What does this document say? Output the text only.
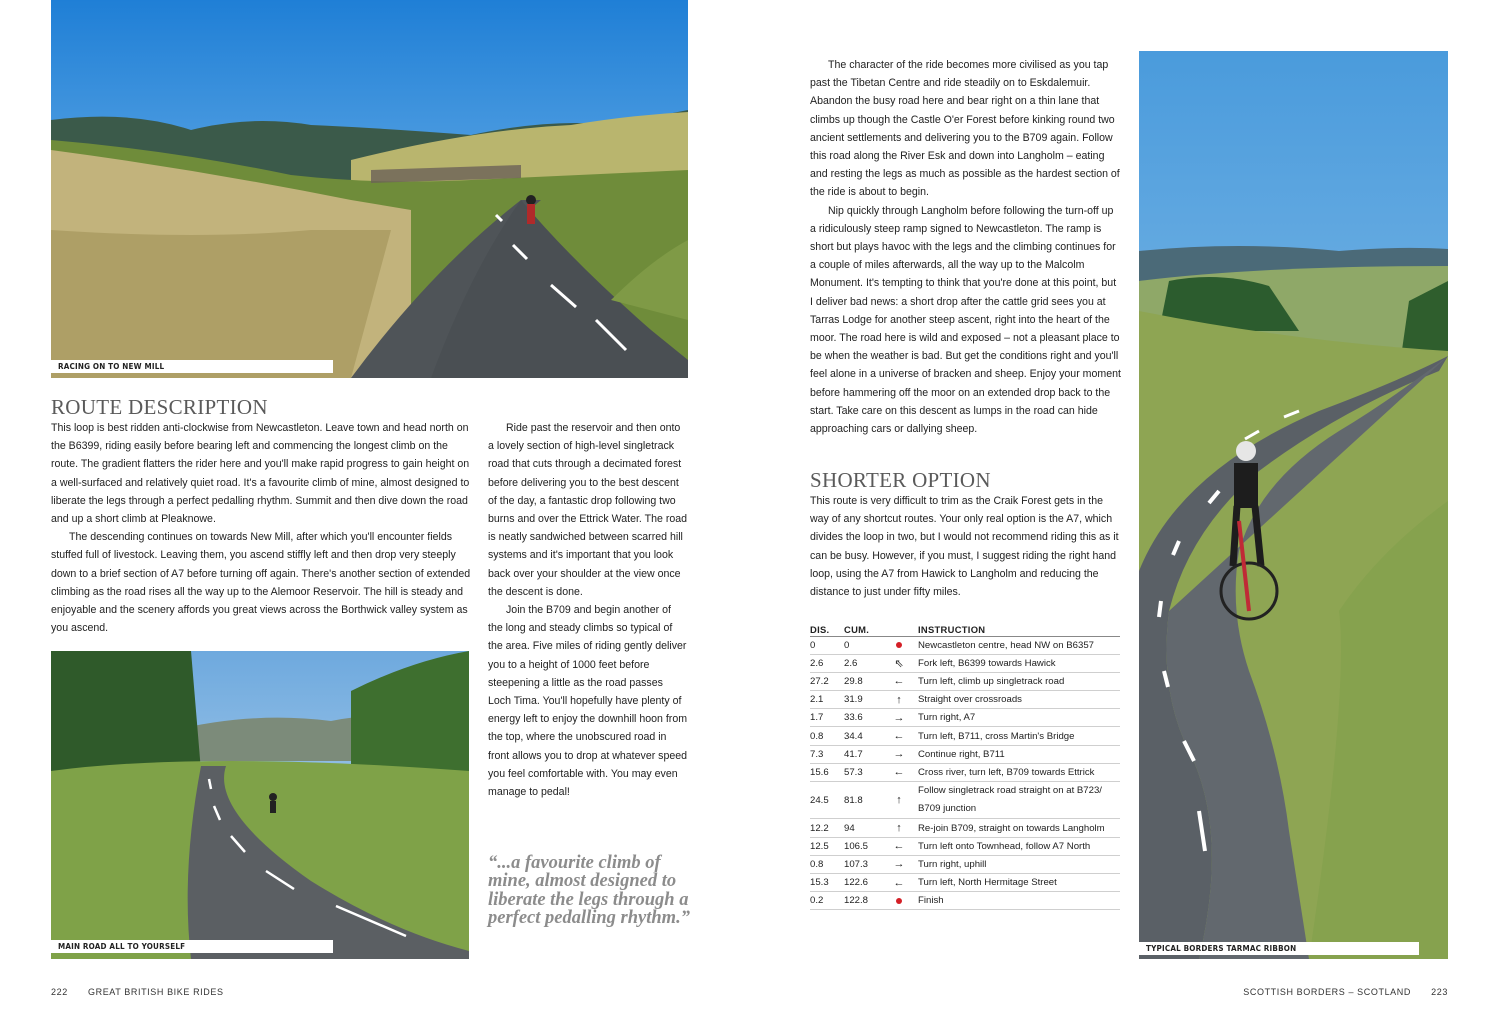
RACING ON TO NEW MILL
ROUTE DESCRIPTION

This loop is best ridden anti-clockwise from Newcastleton. Leave town and head north on the B6399, riding easily before bearing left and commencing the longest climb on the route. The gradient flatters the rider here and you'll make rapid progress to gain height on a well-surfaced and relatively quiet road. It's a favourite climb of mine, almost designed to liberate the legs through a perfect pedalling rhythm. Summit and then dive down the road and up a short climb at Pleaknowe.

The descending continues on towards New Mill, after which you'll encounter fields stuffed full of livestock. Leaving them, you ascend stiffly left and then drop very steeply down to a brief section of A7 before turning off again. There's another section of extended climbing as the road rises all the way up to the Alemoor Reservoir. The hill is steady and enjoyable and the scenery affords you great views across the Borthwick valley system as you ascend.

Ride past the reservoir and then onto a lovely section of high-level singletrack road that cuts through a decimated forest before delivering you to the best descent of the day, a fantastic drop following two burns and over the Ettrick Water. The road is neatly sandwiched between scarred hill systems and it's important that you look back over your shoulder at the view once the descent is done.

Join the B709 and begin another of the long and steady climbs so typical of the area. Five miles of riding gently deliver you to a height of 1000 feet before steepening a little as the road passes Loch Tima. You'll hopefully have plenty of energy left to enjoy the downhill hoon from the top, where the unobscured road in front allows you to drop at whatever speed you feel comfortable with. You may even manage to pedal!

MAIN ROAD ALL TO YOURSELF
“...a favourite climb of mine, almost designed to liberate the legs through a perfect pedalling rhythm.”

The character of the ride becomes more civilised as you tap past the Tibetan Centre and ride steadily on to Eskdalemuir. Abandon the busy road here and bear right on a thin lane that climbs up though the Castle O'er Forest before kinking round two ancient settlements and delivering you to the B709 again. Follow this road along the River Esk and down into Langholm – eating and resting the legs as much as possible as the hardest section of the ride is about to begin.

Nip quickly through Langholm before following the turn-off up a ridiculously steep ramp signed to Newcastleton. The ramp is short but plays havoc with the legs and the climbing continues for a couple of miles afterwards, all the way up to the Malcolm Monument. It's tempting to think that you're done at this point, but I deliver bad news: a short drop after the cattle grid sees you at Tarras Lodge for another steep ascent, right into the heart of the moor. The road here is wild and exposed – not a pleasant place to be when the weather is bad. But get the conditions right and you'll feel alone in a universe of bracken and sheep. Enjoy your moment before hammering off the moor on an extended drop back to the start. Take care on this descent as lumps in the road can hide approaching cars or dallying sheep.

SHORTER OPTION

This route is very difficult to trim as the Craik Forest gets in the way of any shortcut routes. Your only real option is the A7, which divides the loop in two, but I would not recommend riding this as it can be busy. However, if you must, I suggest riding the right hand loop, using the A7 from Hawick to Langholm and reducing the distance to just under fifty miles.

DIS.	CUM.		INSTRUCTION
0	0		Newcastleton centre, head NW on B6357
2.6	2.6	⇖	Fork left, B6399 towards Hawick
27.2	29.8	←	Turn left, climb up singletrack road
2.1	31.9	↑	Straight over crossroads
1.7	33.6	→	Turn right, A7
0.8	34.4	←	Turn left, B711, cross Martin's Bridge
7.3	41.7	→	Continue right, B711
15.6	57.3	←	Cross river, turn left, B709 towards Ettrick
24.5	81.8	↑	Follow singletrack road straight on at B723/ B709 junction
12.2	94	↑	Re-join B709, straight on towards Langholm
12.5	106.5	←	Turn left onto Townhead, follow A7 North
0.8	107.3	→	Turn right, uphill
15.3	122.6	←	Turn left, North Hermitage Street
0.2	122.8		Finish
TYPICAL BORDERS TARMAC RIBBON
222 GREAT BRITISH BIKE RIDES	SCOTTISH BORDERS – SCOTLAND 223
